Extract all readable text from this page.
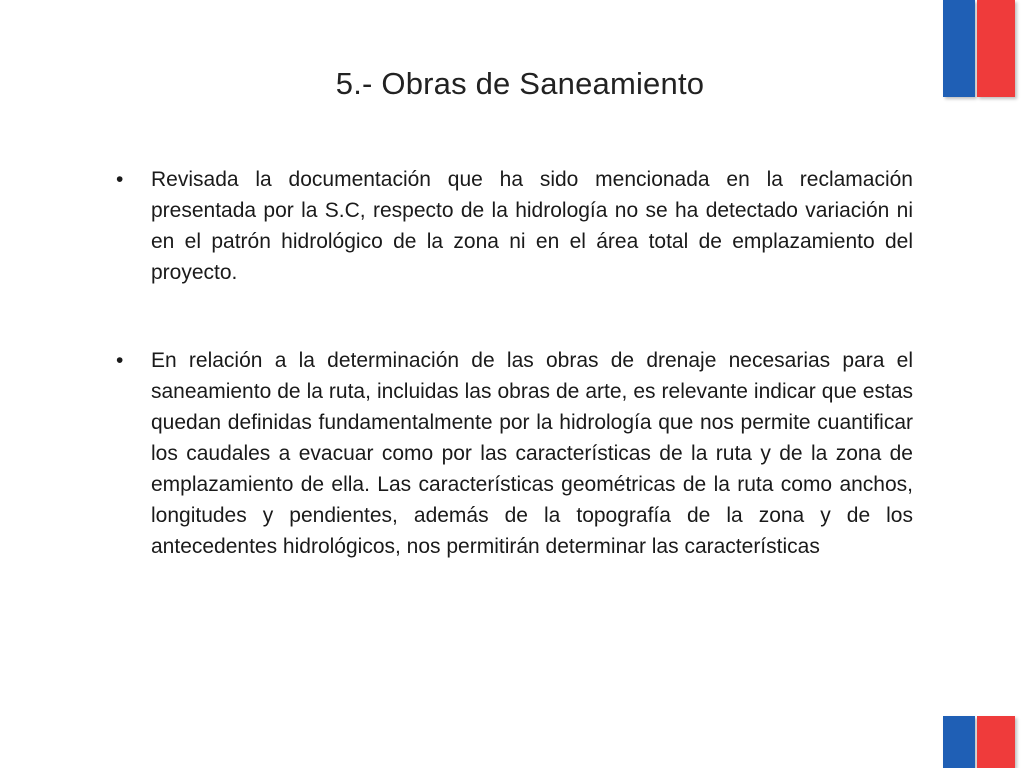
5.- Obras de Saneamiento
• Revisada la documentación que ha sido mencionada en la reclamación presentada por la S.C, respecto de la hidrología no se ha detectado variación ni en el patrón hidrológico de la zona ni en el área total de emplazamiento del proyecto.
• En relación a la determinación de las obras de drenaje necesarias para el saneamiento de la ruta, incluidas las obras de arte, es relevante indicar que estas quedan definidas fundamentalmente por la hidrología que nos permite cuantificar los caudales a evacuar como por las características de la ruta y de la zona de emplazamiento de ella. Las características geométricas de la ruta como anchos, longitudes y pendientes, además de la topografía de la zona y de los antecedentes hidrológicos, nos permitirán determinar las características
